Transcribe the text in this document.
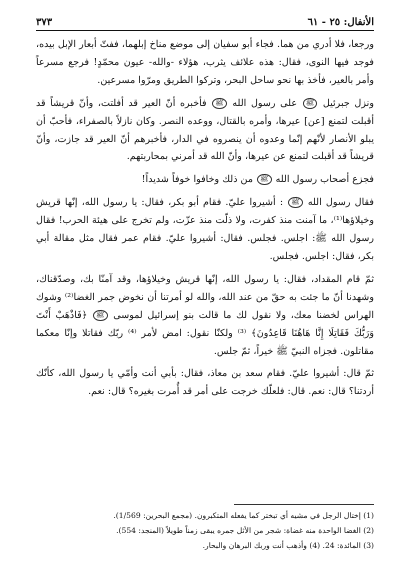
الأنفال: ٢٥ - ٦١
٣٧٣

ورجعا، فلا أدري من هما. فجاء أبو سفيان إلى موضع مناخ إبلهما، ففتّ أبعار الإبل بيده، فوجد فيها النوى، فقال: هذه علائف يثرب، هؤلاء -والله- عيون محمّدٍ! فرجع مسرعاً وأمر بالعير، فأخذ بها نحو ساحل البحر، وتركوا الطريق ومرّوا مسرعين.

ونزل جبرئيل ﷺ على رسول الله ﷺ فأخبره أنّ العير قد أفلتت، وأنّ قريشاً قد أقبلت لتمنع [عن] عيرها، وأمره بالقتال، ووعده النصر. وكان نازلاً بالصفراء، فأحبّ أن يبلو الأنصار لأنّهم إنّما وعدوه أن ينصروه في الدار، فأخبرهم أنّ العير قد جازت، وأنّ قريشاً قد أقبلت لتمنع عن عيرها، وأنّ الله قد أمرني بمحاربتهم.

فجزع أصحاب رسول الله ﷺ من ذلك وخافوا خوفاً شديداً!

فقال رسول الله ﷺ : أشيروا عليّ. فقام أبو بكر، فقال: يا رسول الله، إنّها قريش وخيلاؤها⁽¹⁾، ما آمنت منذ كفرت، ولا ذلّت منذ عزّت، ولم تخرج على هيئة الحرب! فقال رسول الله ﷺ: اجلس. فجلس. فقال: أشيروا عليّ. فقام عمر فقال مثل مقالة أبي بكر، فقال: اجلس. فجلس.

ثمّ قام المقداد، فقال: يا رسول الله، إنّها قريش وخيلاؤها، وقد آمنّا بك، وصدّقناك، وشهدنا أنّ ما جئت به حقّ من عند الله، والله لو أمرتنا أن نخوض جمر الغضا⁽²⁾ وشوك الهراس لخضنا معك، ولا نقول لك ما قالت بنو إسرائيل لموسى ﷺ ﴿فَاذْهَبْ أَنْتَ وَرَبُّكَ فَقَاتِلَا إِنَّا هَاهُنَا قَاعِدُونَ﴾ ⁽³⁾ ولكنّا نقول: امض لأمر ⁽⁴⁾ ربّك فقاتلا وإنّا معكما مقاتلون. فجزاه النبيّ ﷺ خيراً، ثمّ جلس.

ثمّ قال: أشيروا عليّ. فقام سعد بن معاذ، فقال: بأبي أنت وأمّي يا رسول الله، كأنّك أردتنا؟ قال: نعم. قال: فلعلّك خرجت على أمر قد أُمرت بغيره؟ قال: نعم.

(1) إختال الرجل في مشيه أي تبختر كما يفعله المتكبرون. (مجمع البحرين: 1/569).

(2) الغضا الواحدة منه غضاة: شجر من الأثل جمره يبقى زمناً طويلاً (المنجد: 554).

(3) المائدة: 24. (4) وأذهب أنت وربك البرهان والبحار.
